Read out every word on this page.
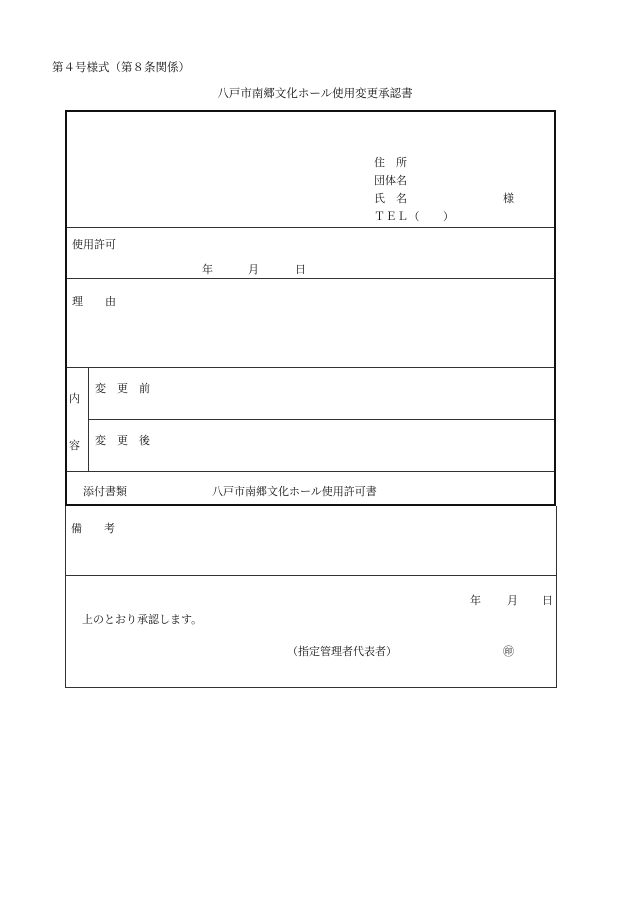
第４号様式（第８条関係）
八戸市南郷文化ホール使用変更承認書
住　所
団体名
氏　名	様
ＴＥＬ（　　）
使用許可
年	月	日
理　　由
内
容
変　更　前
変　更　後
添付書類	八戸市南郷文化ホール使用許可書
備　　考
年 月 日
上のとおり承認します。
（指定管理者代表者）	㊞
